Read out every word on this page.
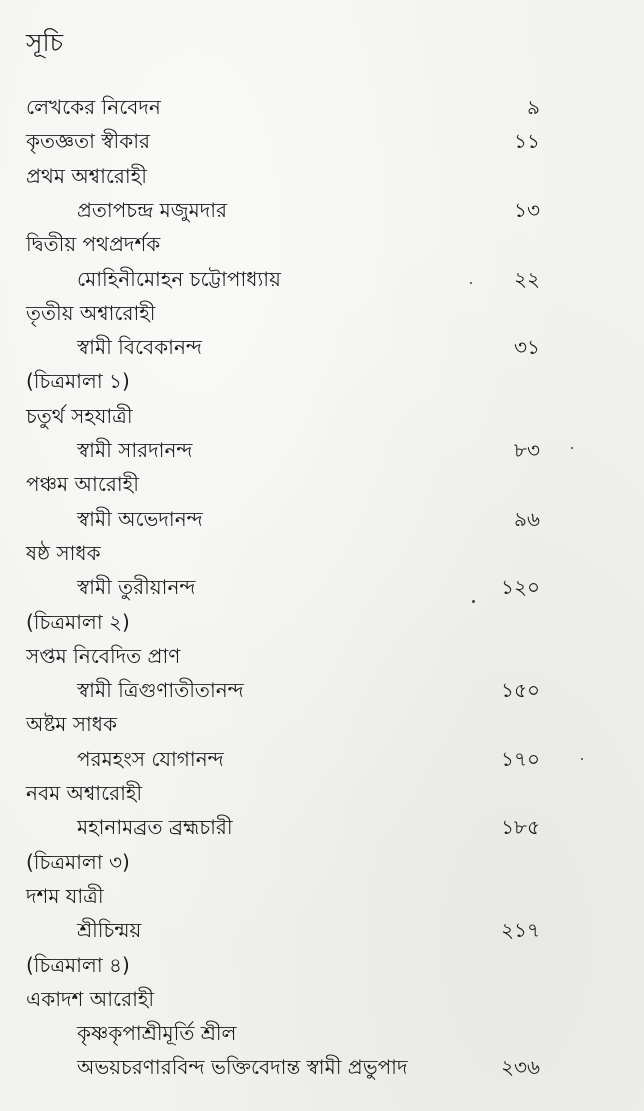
সূচি
লেখকের নিবেদন	৯
কৃতজ্ঞতা স্বীকার	১১
প্রথম অশ্বারোহী
প্রতাপচন্দ্র মজুমদার	১৩
দ্বিতীয় পথপ্রদর্শক
মোহিনীমোহন চট্টোপাধ্যায়	২২
তৃতীয় অশ্বারোহী
স্বামী বিবেকানন্দ	৩১
(চিত্রমালা ১)
চতুর্থ সহযাত্রী
স্বামী সারদানন্দ	৮৩
পঞ্চম আরোহী
স্বামী অভেদানন্দ	৯৬
ষষ্ঠ সাধক
স্বামী তুরীয়ানন্দ	১২০
(চিত্রমালা ২)
সপ্তম নিবেদিত প্রাণ
স্বামী ত্রিগুণাতীতানন্দ	১৫০
অষ্টম সাধক
পরমহংস যোগানন্দ	১৭০
নবম অশ্বারোহী
মহানামব্রত ব্রহ্মচারী	১৮৫
(চিত্রমালা ৩)
দশম যাত্রী
শ্রীচিন্ময়	২১৭
(চিত্রমালা ৪)
একাদশ আরোহী
কৃষ্ণকৃপাশ্রীমূর্তি শ্রীল
অভয়চরণারবিন্দ ভক্তিবেদান্ত স্বামী প্রভুপাদ	২৩৬
